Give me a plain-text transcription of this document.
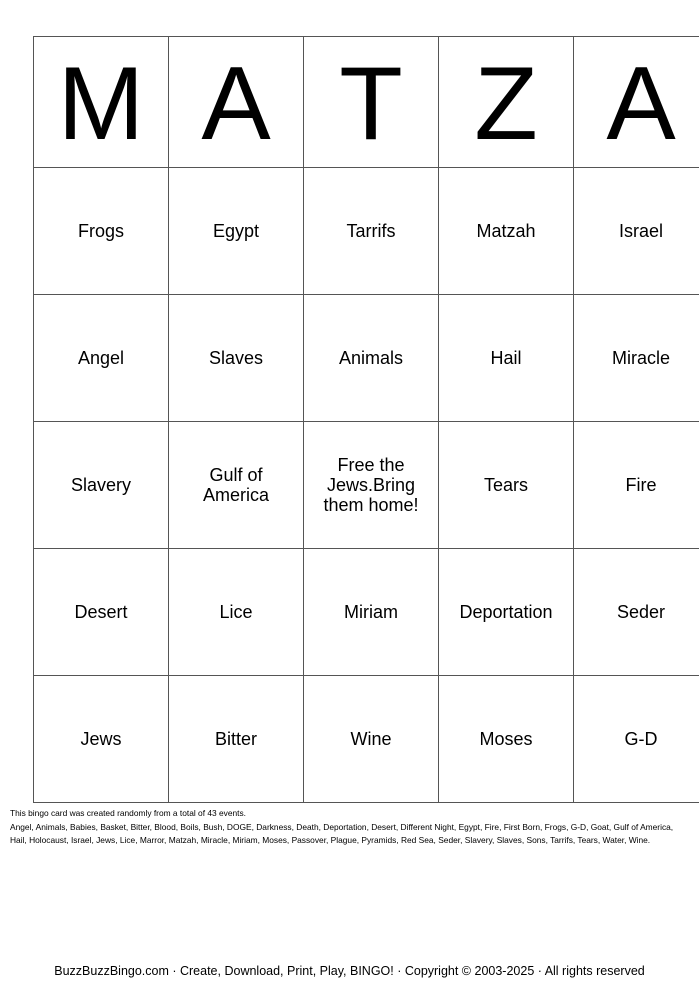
M	A	T	Z	A
Frogs	Egypt	Tarrifs	Matzah	Israel
Angel	Slaves	Animals	Hail	Miracle
Slavery	Gulf of America	Free the Jews.Bring them home!	Tears	Fire
Desert	Lice	Miriam	Deportation	Seder
Jews	Bitter	Wine	Moses	G-D
This bingo card was created randomly from a total of 43 events.
Angel, Animals, Babies, Basket, Bitter, Blood, Boils, Bush, DOGE, Darkness, Death, Deportation, Desert, Different Night, Egypt, Fire, First Born, Frogs, G-D, Goat, Gulf of America, Hail, Holocaust, Israel, Jews, Lice, Marror, Matzah, Miracle, Miriam, Moses, Passover, Plague, Pyramids, Red Sea, Seder, Slavery, Slaves, Sons, Tarrifs, Tears, Water, Wine.
BuzzBuzzBingo.com · Create, Download, Print, Play, BINGO! · Copyright © 2003-2025 · All rights reserved
